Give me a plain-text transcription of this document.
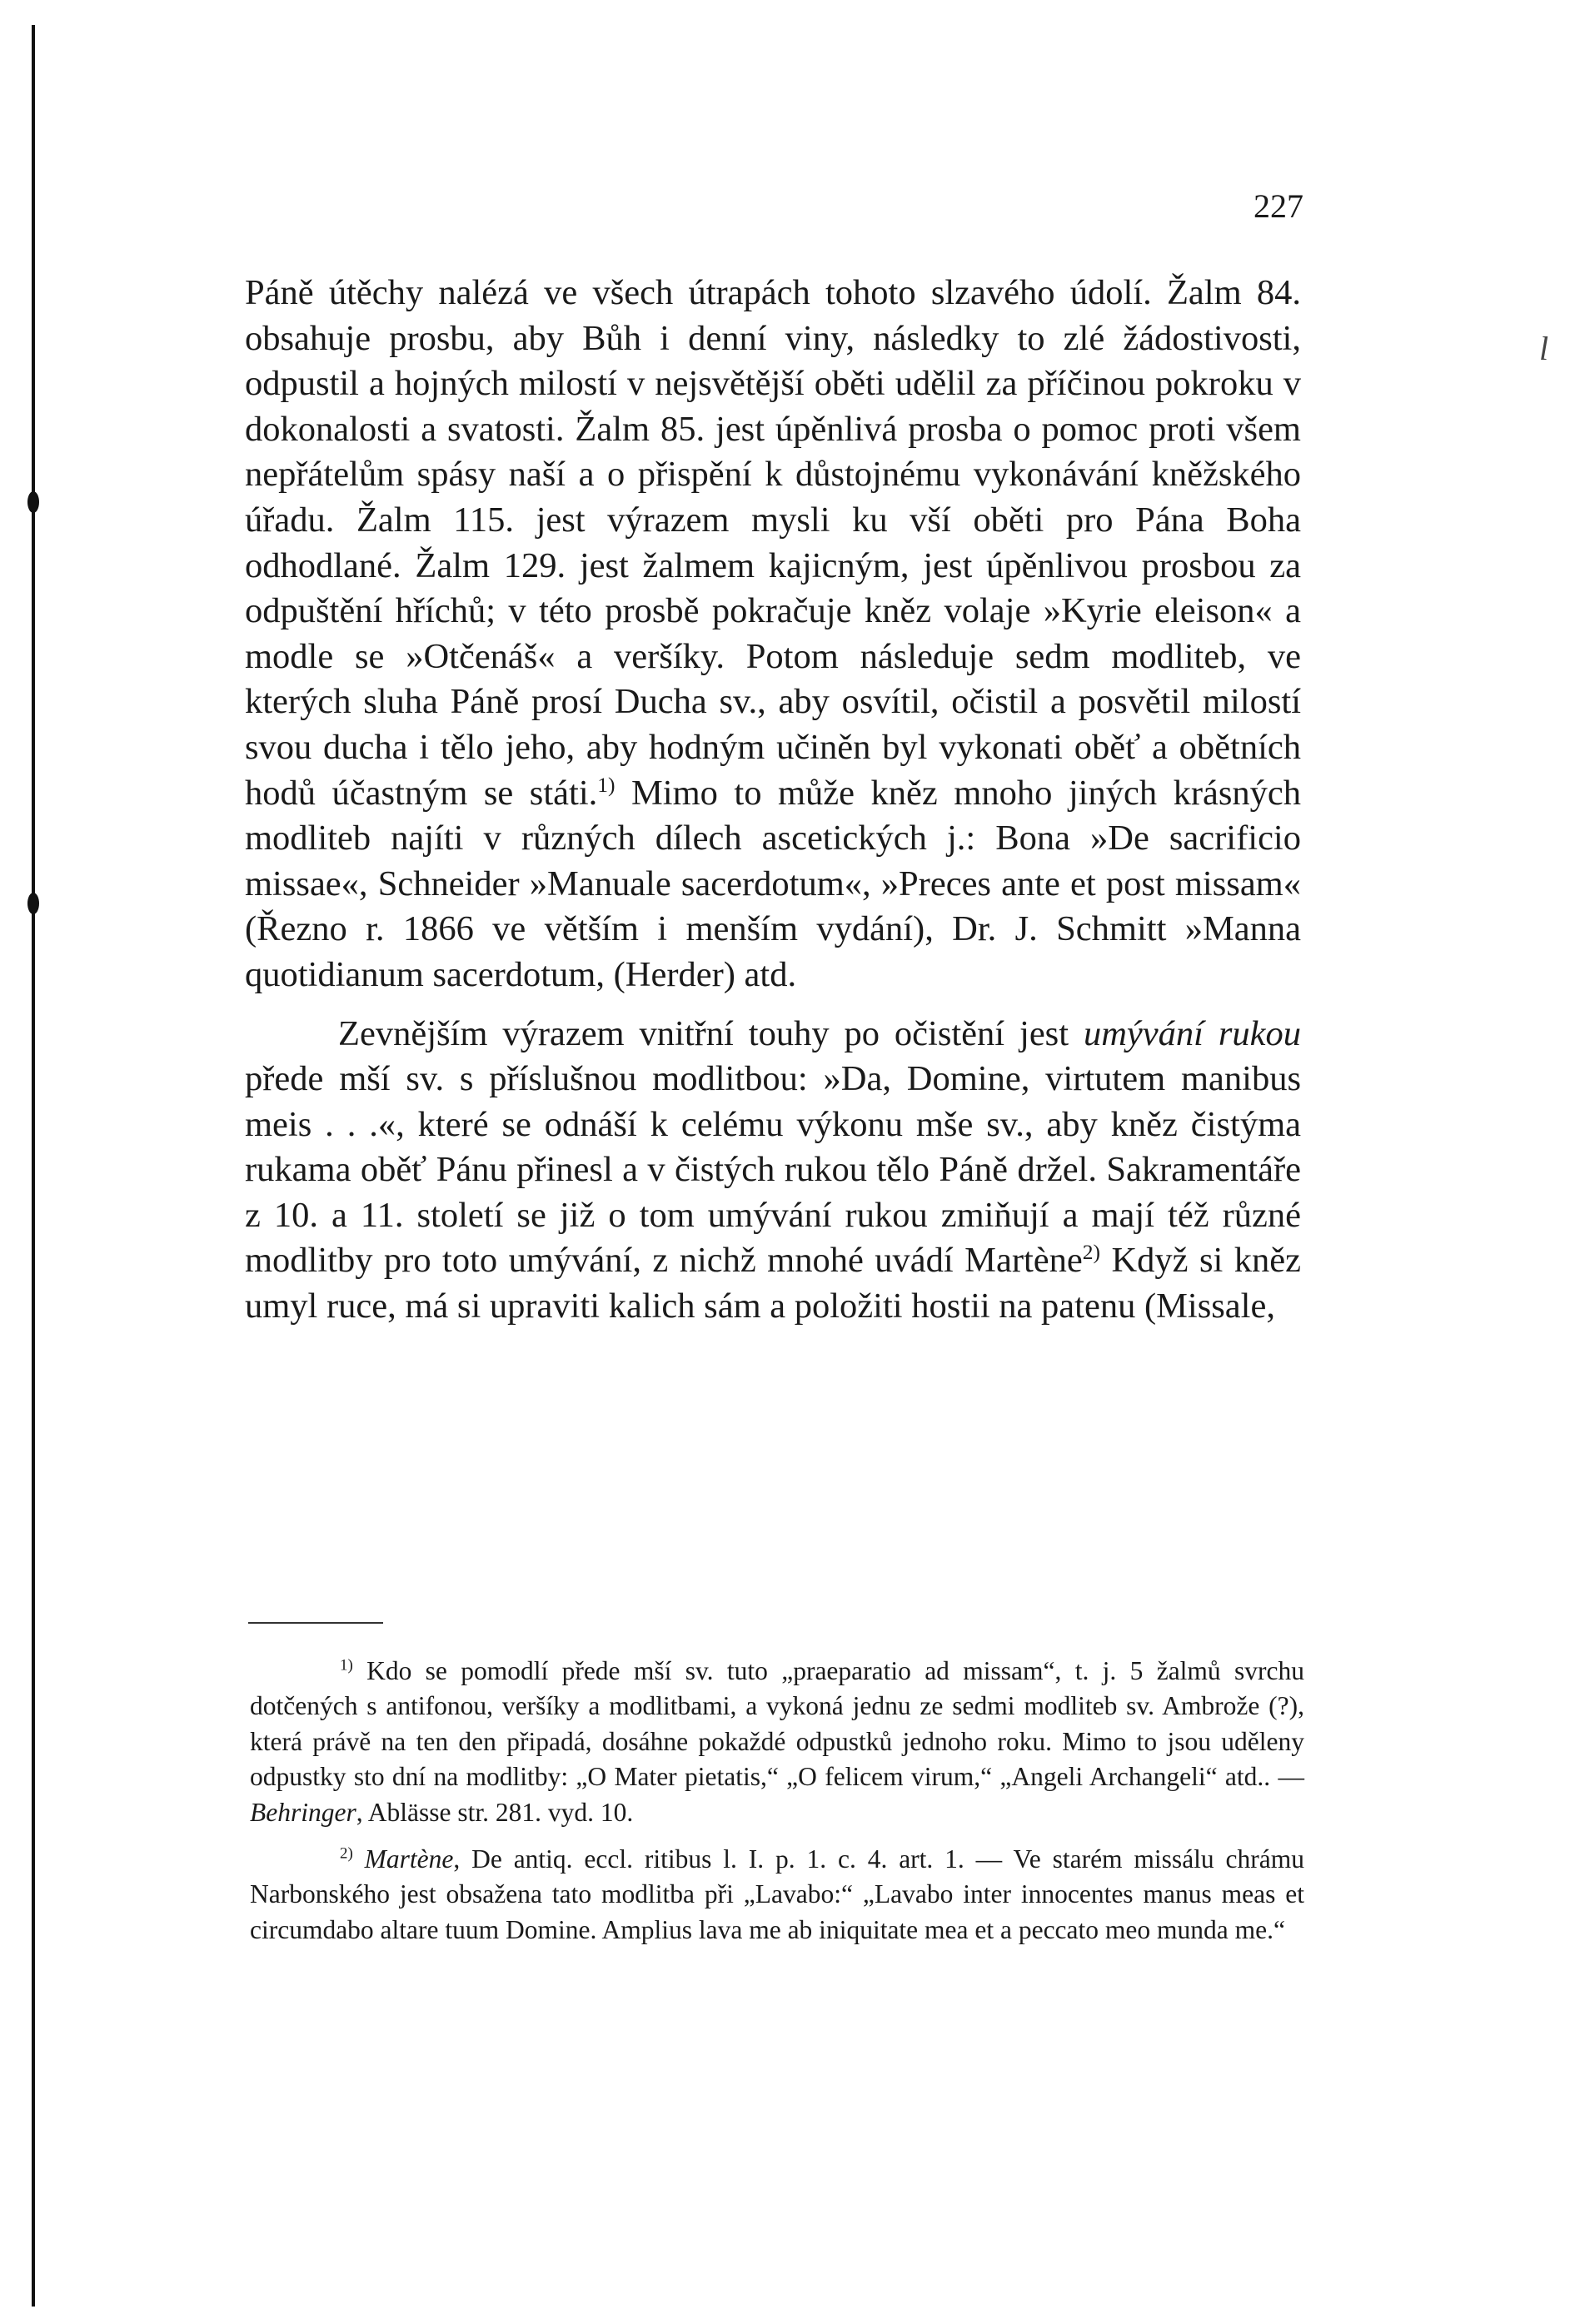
227
l

Páně útěchy nalézá ve všech útrapách tohoto slzavého údolí. Žalm 84. obsahuje prosbu, aby Bůh i denní viny, následky to zlé žádostivosti, odpustil a hojných milostí v nejsvětější oběti udělil za příčinou pokroku v dokonalosti a svatosti. Žalm 85. jest úpěnlivá prosba o pomoc proti všem nepřátelům spásy naší a o přispění k důstojnému vykonávání kněžského úřadu. Žalm 115. jest výrazem mysli ku vší oběti pro Pána Boha odhodlané. Žalm 129. jest žalmem kajicným, jest úpěnlivou prosbou za odpuštění hříchů; v této prosbě pokračuje kněz volaje »Kyrie eleison« a modle se »Otčenáš« a veršíky. Potom následuje sedm modliteb, ve kterých sluha Páně prosí Ducha sv., aby osvítil, očistil a posvětil milostí svou ducha i tělo jeho, aby hodným učiněn byl vykonati oběť a obětních hodů účastným se státi.$^{1)}$ Mimo to může kněz mnoho jiných krásných modliteb najíti v různých dílech ascetických j.: Bona »De sacrificio missae«, Schneider »Manuale sacerdotum«, »Preces ante et post missam« (Řezno r. 1866 ve větším i menším vydání), Dr. J. Schmitt »Manna quotidianum sacerdotum, (Herder) atd.

Zevnějším výrazem vnitřní touhy po očistění jest umývání rukou přede mší sv. s příslušnou modlitbou: »Da, Domine, virtutem manibus meis . . .«, které se odnáší k celému výkonu mše sv., aby kněz čistýma rukama oběť Pánu přinesl a v čistých rukou tělo Páně držel. Sakramentáře z 10. a 11. století se již o tom umývání rukou zmiňují a mají též různé modlitby pro toto umývání, z nichž mnohé uvádí Martène$^{2)}$ Když si kněz umyl ruce, má si upraviti kalich sám a položiti hostii na patenu (Missale,

$^{1)}$ Kdo se pomodlí přede mší sv. tuto „praeparatio ad missam“, t. j. 5 žalmů svrchu dotčených s antifonou, veršíky a modlitbami, a vykoná jednu ze sedmi modliteb sv. Ambrože (?), která právě na ten den připadá, dosáhne pokaždé odpustků jednoho roku. Mimo to jsou uděleny odpustky sto dní na modlitby: „O Mater pietatis,“ „O felicem virum,“ „Angeli Archangeli“ atd.. — Behringer, Ablässe str. 281. vyd. 10.

$^{2)}$ Martène, De antiq. eccl. ritibus l. I. p. 1. c. 4. art. 1. — Ve starém missálu chrámu Narbonského jest obsažena tato modlitba při „Lavabo:“ „Lavabo inter innocentes manus meas et circumdabo altare tuum Domine. Amplius lava me ab iniquitate mea et a peccato meo munda me.“
